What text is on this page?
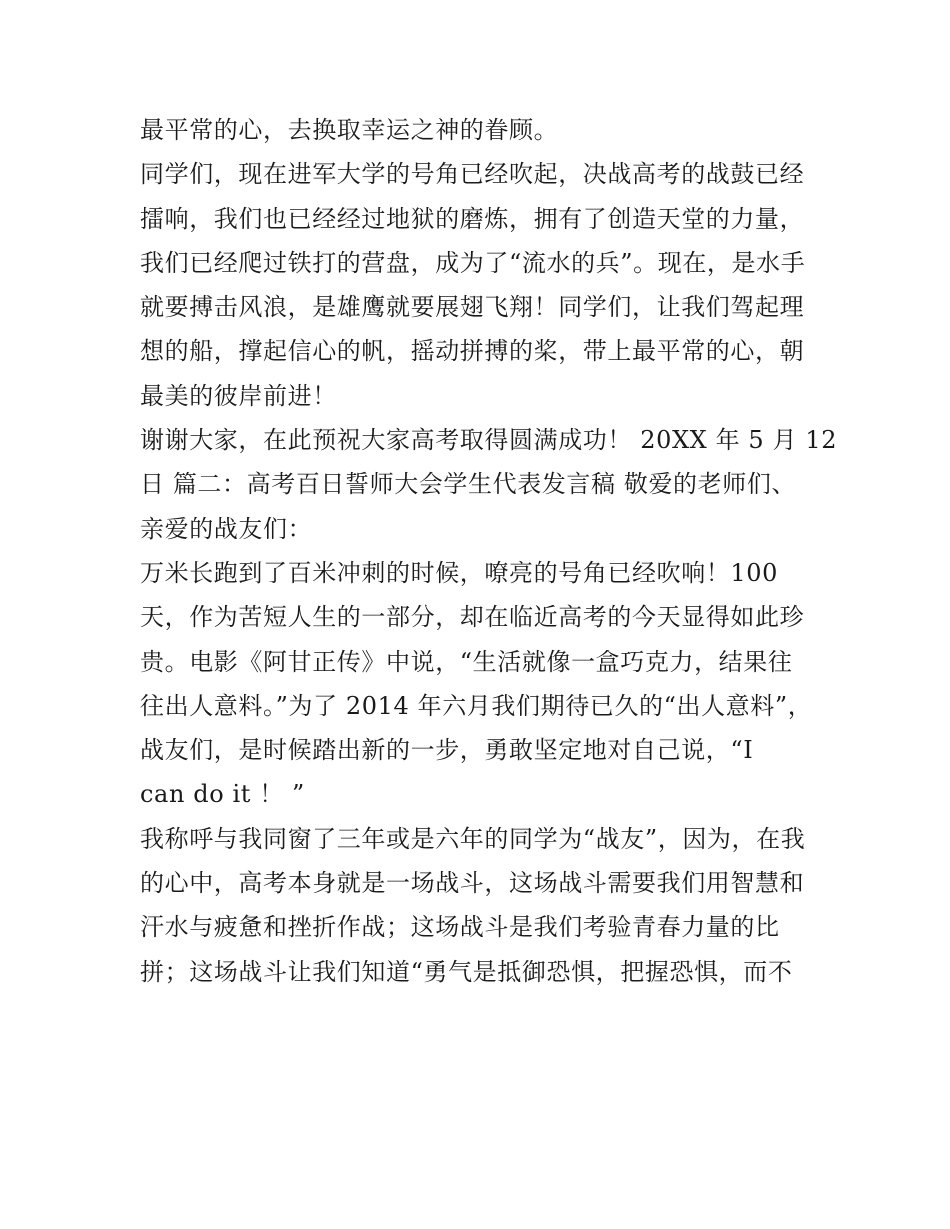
最平常的心，去换取幸运之神的眷顾。
同学们，现在进军大学的号角已经吹起，决战高考的战鼓已经
擂响，我们也已经经过地狱的磨炼，拥有了创造天堂的力量，
我们已经爬过铁打的营盘，成为了“流水的兵”。现在，是水手
就要搏击风浪，是雄鹰就要展翅飞翔！同学们，让我们驾起理
想的船，撑起信心的帆，摇动拼搏的桨，带上最平常的心，朝
最美的彼岸前进！
谢谢大家，在此预祝大家高考取得圆满成功！ 20XX 年 5 月 12
日 篇二：高考百日誓师大会学生代表发言稿 敬爱的老师们、
亲爱的战友们：
万米长跑到了百米冲刺的时候，嘹亮的号角已经吹响！100
天，作为苦短人生的一部分，却在临近高考的今天显得如此珍
贵。电影《阿甘正传》中说，“生活就像一盒巧克力，结果往
往出人意料。”为了 2014 年六月我们期待已久的“出人意料”，
战友们，是时候踏出新的一步，勇敢坚定地对自己说，“I
can do it ！ ”
我称呼与我同窗了三年或是六年的同学为“战友”，因为，在我
的心中，高考本身就是一场战斗，这场战斗需要我们用智慧和
汗水与疲惫和挫折作战；这场战斗是我们考验青春力量的比
拼；这场战斗让我们知道“勇气是抵御恐惧，把握恐惧，而不
